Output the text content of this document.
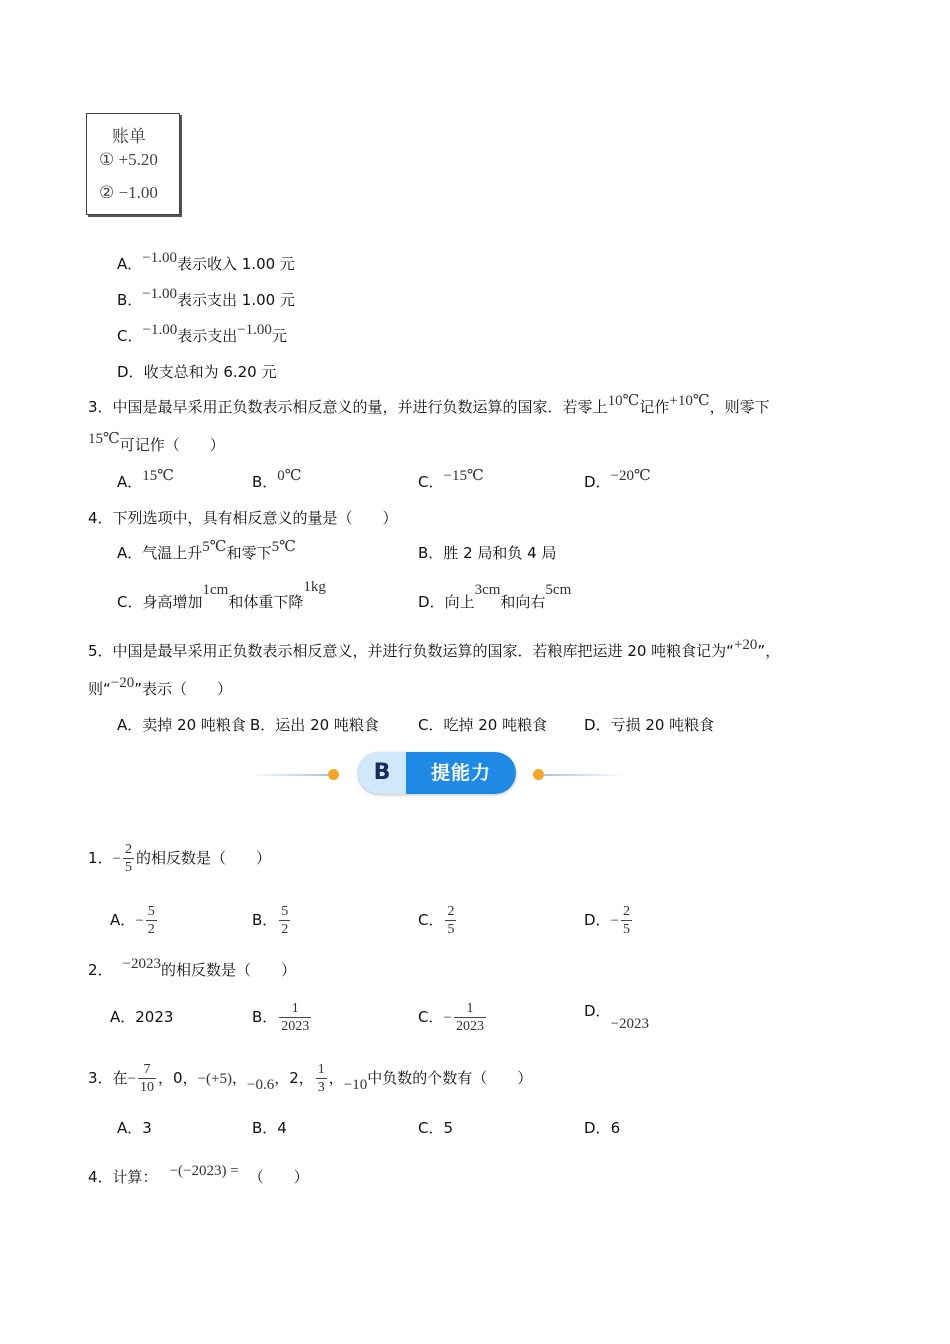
账单
① +5.20
② −1.00
A．−1.00表示收入 1.00 元
B．−1.00表示支出 1.00 元
C．−1.00表示支出−1.00元
D．收支总和为 6.20 元
3．中国是最早采用正负数表示相反意义的量，并进行负数运算的国家．若零上10℃记作+10℃，则零下
15℃可记作（　　）
A．15℃	B．0℃	C．−15℃	D．−20℃
4．下列选项中，具有相反意义的量是（　　）
A．气温上升5℃和零下5℃	B．胜 2 局和负 4 局
C．身高增加1cm和体重下降1kg
D．向上3cm和向右5cm
5．中国是最早采用正负数表示相反意义，并进行负数运算的国家．若粮库把运进 20 吨粮食记为“+20”，
则“−20”表示（　　）
A．卖掉 20 吨粮食 B．运出 20 吨粮食	C．吃掉 20 吨粮食 D．亏损 20 吨粮食
B	提能力
1．− $\frac{2}{5}$ 的相反数是（　　）
A．− $\frac{5}{2}$	B． $\frac{5}{2}$	C． $\frac{2}{5}$	D．− $\frac{2}{5}$
2． −2023的相反数是（　　）
A．2023	B． $\frac{1}{2023}$	C．− $\frac{1}{2023}$	D．−2023
3．在− $\frac{7}{10}$ ，0，−(+5)，−0.6，2， $\frac{1}{3}$ ，−10中负数的个数有（　　）
A．3	B．4	C．5	D．6
4．计算： −(−2023) = （　　）
